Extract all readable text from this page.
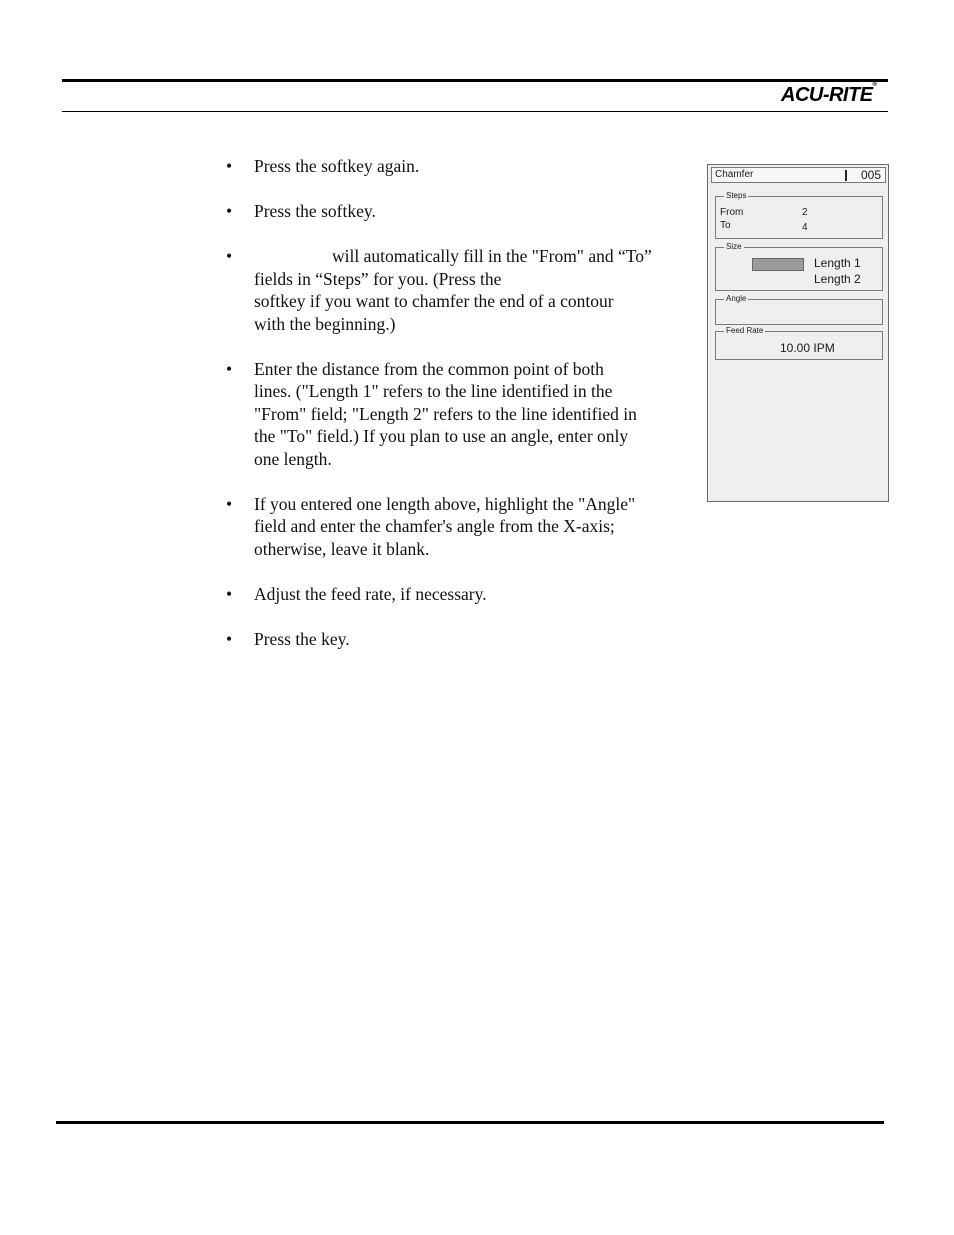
ACU-RITE®
• Press the softkey again.
• Press the softkey.
•	will automatically fill in the "From" and “To”
fields in “Steps” for you. (Press the
softkey if you want to chamfer the end of a contour
with the beginning.)
• Enter the distance from the common point of both
lines. ("Length 1" refers to the line identified in the
"From" field; "Length 2" refers to the line identified in
the "To" field.) If you plan to use an angle, enter only
one length.
• If you entered one length above, highlight the "Angle"
field and enter the chamfer's angle from the X-axis;
otherwise, leave it blank.
• Adjust the feed rate, if necessary.
• Press the key.
Chamfer	005
Steps
From	2
To	4
Size
Length 1
Length 2
Angle
Feed Rate
10.00 IPM
